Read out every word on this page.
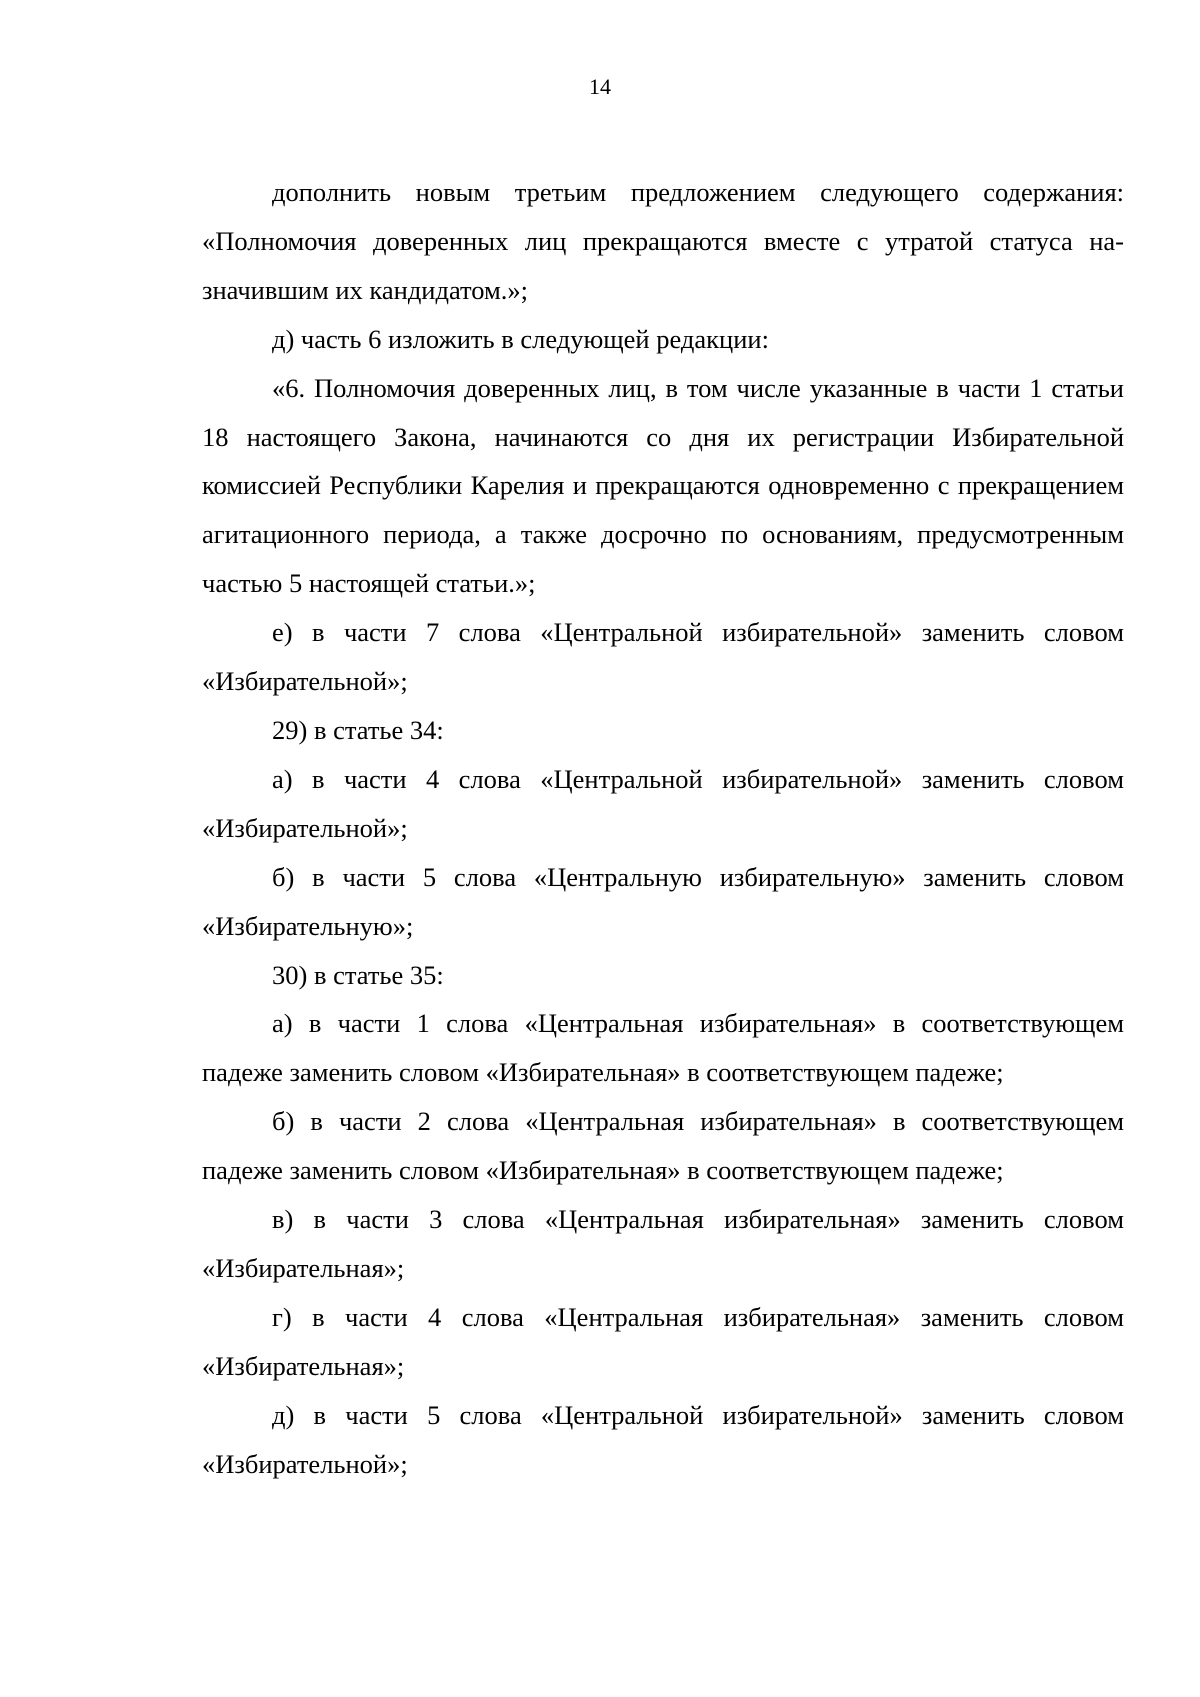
14

дополнить новым третьим предложением следующего содержания: «Полномочия доверенных лиц прекращаются вместе с утратой статуса назначившим их кандидатом.»;

д) часть 6 изложить в следующей редакции:

«6. Полномочия доверенных лиц, в том числе указанные в части 1 статьи 18 настоящего Закона, начинаются со дня их регистрации Избирательной комиссией Республики Карелия и прекращаются одновременно с прекращением агитационного периода, а также досрочно по основаниям, предусмотренным частью 5 настоящей статьи.»;

е) в части 7 слова «Центральной избирательной» заменить словом «Избирательной»;

29) в статье 34:

а) в части 4 слова «Центральной избирательной» заменить словом «Избирательной»;

б) в части 5 слова «Центральную избирательную» заменить словом «Избирательную»;

30) в статье 35:

а) в части 1 слова «Центральная избирательная» в соответствующем падеже заменить словом «Избирательная» в соответствующем падеже;

б) в части 2 слова «Центральная избирательная» в соответствующем падеже заменить словом «Избирательная» в соответствующем падеже;

в) в части 3 слова «Центральная избирательная» заменить словом «Избирательная»;

г) в части 4 слова «Центральная избирательная» заменить словом «Избирательная»;

д) в части 5 слова «Центральной избирательной» заменить словом «Избирательной»;
